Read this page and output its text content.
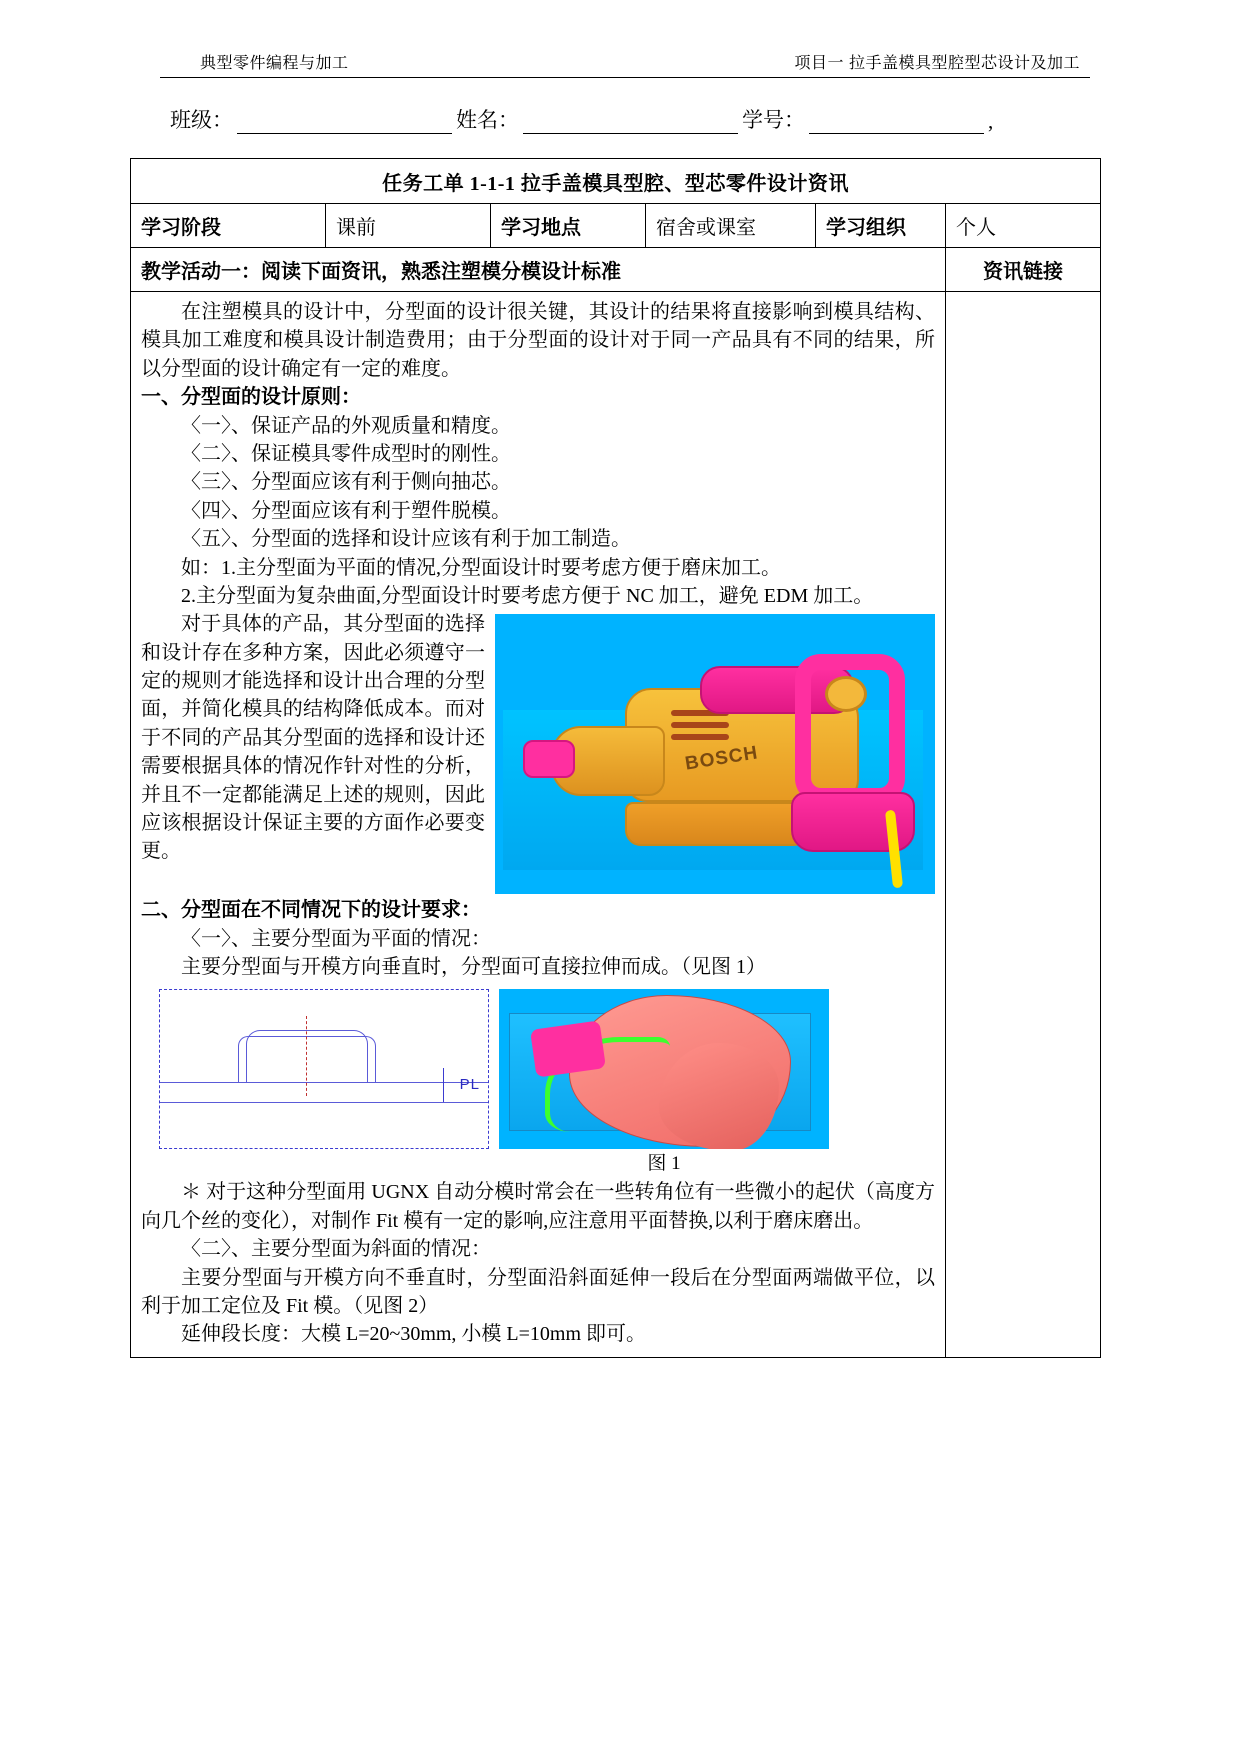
典型零件编程与加工	项目一 拉手盖模具型腔型芯设计及加工
班级：	姓名：	学号：	,
任务工单 1-1-1 拉手盖模具型腔、型芯零件设计资讯					
学习阶段	课前	学习地点	宿舍或课室	学习组织	个人
教学活动一：阅读下面资讯，熟悉注塑模分模设计标准					资讯链接

在注塑模具的设计中，分型面的设计很关键，其设计的结果将直接影响到模具结构、模具加工难度和模具设计制造费用；由于分型面的设计对于同一产品具有不同的结果，所以分型面的设计确定有一定的难度。

一、分型面的设计原则：

〈一〉、保证产品的外观质量和精度。

〈二〉、保证模具零件成型时的刚性。

〈三〉、分型面应该有利于侧向抽芯。

〈四〉、分型面应该有利于塑件脱模。

〈五〉、分型面的选择和设计应该有利于加工制造。

如：1.主分型面为平面的情况,分型面设计时要考虑方便于磨床加工。

2.主分型面为复杂曲面,分型面设计时要考虑方便于 NC 加工，避免 EDM 加工。

BOSCH

对于具体的产品，其分型面的选择和设计存在多种方案，因此必须遵守一定的规则才能选择和设计出合理的分型面，并简化模具的结构降低成本。而对于不同的产品其分型面的选择和设计还需要根据具体的情况作针对性的分析，并且不一定都能满足上述的规则，因此应该根据设计保证主要的方面作必要变更。

二、分型面在不同情况下的设计要求：

〈一〉、主要分型面为平面的情况：

主要分型面与开模方向垂直时，分型面可直接拉伸而成。（见图 1）

PL
图 1

＊ 对于这种分型面用 UGNX 自动分模时常会在一些转角位有一些微小的起伏（高度方向几个丝的变化），对制作 Fit 模有一定的影响,应注意用平面替换,以利于磨床磨出。

〈二〉、主要分型面为斜面的情况：

主要分型面与开模方向不垂直时，分型面沿斜面延伸一段后在分型面两端做平位，以利于加工定位及 Fit 模。（见图 2）

延伸段长度：大模 L=20~30mm, 小模 L=10mm 即可。
